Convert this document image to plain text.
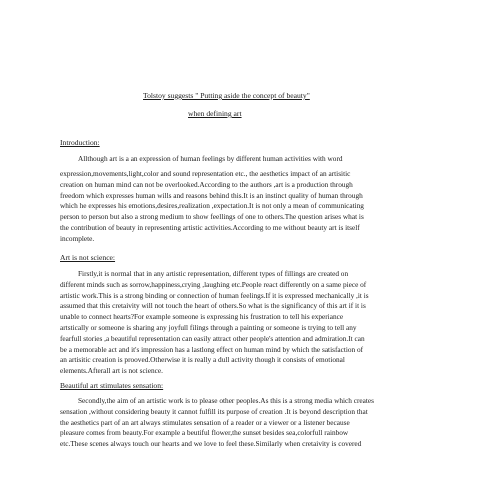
Tolstoy suggests " Putting aside the concept of beauty"
when defining art
Introduction:
Allthough art is a an expression of human feelings by different human activities with word
expression,movements,light,color and sound representation etc., the aesthetics impact of an artisitic
creation on human mind can not be overlooked.According to the authors ,art is a production through
freedom which expresses human wills and reasons behind this.It is an instinct quality of human through
which he expresses his emotions,desires,realization ,expectation.It is not only a mean of communicating
person to person but also a strong medium to show feellings of one to others.The question arises what is
the contribution of beauty in representing artistic activities.According to me without beauty art is itself
incomplete.
Art is not science:
Firstly,it is normal that in any artistic representation, different types of fillings are created on
different minds such as sorrow,happiness,crying ,laughing etc.People react differently on a same piece of
artistic work.This is a strong binding or connection of human feelings.If it is expressed mechanically ,it is
assumed that this cretaivity will not touch the heart of others.So what is the significancy of this art if it is
unable to connect hearts?For example someone is expressing his frustration to tell his experiance
artstically or someone is sharing any joyfull filings through a painting or someone is trying to tell any
fearfull stories ,a beautiful representation can easily attract other people's attention and admiration.It can
be a memorable act and it's impression has a lastlong effect on human mind by which the satisfaction of
an artisitic creation is prooved.Otherwise it is really a dull activity though it consists of emotional
elements.Afterall art is not science.
Beautiful art stimulates sensation:
Secondly,the aim of an artistic work is to please other peoples.As this is a strong media which creates
sensation ,without considering beauty it cannot fulfill its purpose of creation .It is beyond description that
the aesthetics part of an art always stimulates sensation of a reader or a viewer or a listener because
pleasure comes from beauty.For example a beutiful flower,the sunset besides sea,colorfull rainbow
etc.These scenes always touch our hearts and we love to feel these.Similarly when cretaivity is covered
